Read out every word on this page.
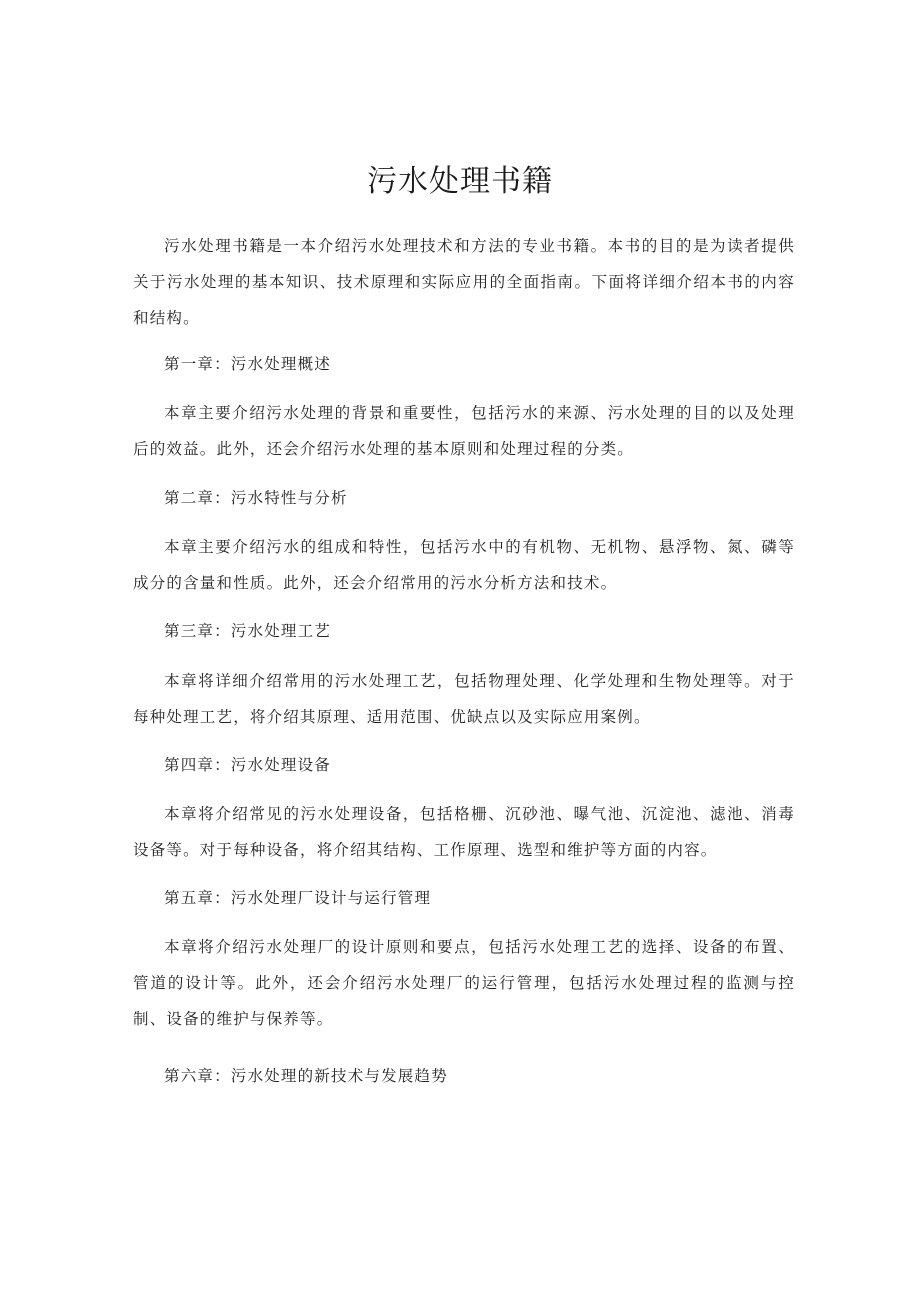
污水处理书籍

污水处理书籍是一本介绍污水处理技术和方法的专业书籍。本书的目的是为读者提供关于污水处理的基本知识、技术原理和实际应用的全面指南。下面将详细介绍本书的内容和结构。

第一章：污水处理概述

本章主要介绍污水处理的背景和重要性，包括污水的来源、污水处理的目的以及处理后的效益。此外，还会介绍污水处理的基本原则和处理过程的分类。

第二章：污水特性与分析

本章主要介绍污水的组成和特性，包括污水中的有机物、无机物、悬浮物、氮、磷等成分的含量和性质。此外，还会介绍常用的污水分析方法和技术。

第三章：污水处理工艺

本章将详细介绍常用的污水处理工艺，包括物理处理、化学处理和生物处理等。对于每种处理工艺，将介绍其原理、适用范围、优缺点以及实际应用案例。

第四章：污水处理设备

本章将介绍常见的污水处理设备，包括格栅、沉砂池、曝气池、沉淀池、滤池、消毒设备等。对于每种设备，将介绍其结构、工作原理、选型和维护等方面的内容。

第五章：污水处理厂设计与运行管理

本章将介绍污水处理厂的设计原则和要点，包括污水处理工艺的选择、设备的布置、管道的设计等。此外，还会介绍污水处理厂的运行管理，包括污水处理过程的监测与控制、设备的维护与保养等。

第六章：污水处理的新技术与发展趋势
